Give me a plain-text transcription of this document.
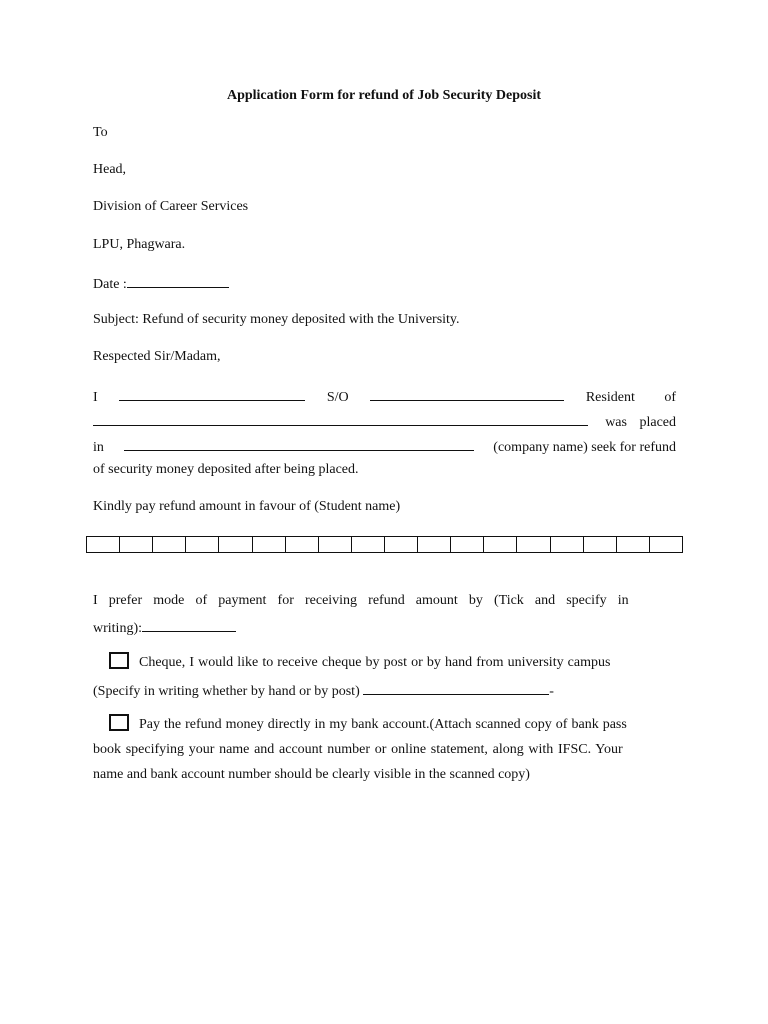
Application Form for refund of Job Security Deposit
To
Head,
Division of Career Services
LPU, Phagwara.
Date :
Subject: Refund of security money deposited with the University.
Respected Sir/Madam,
I	S/O	Resident of
was placed
in	(company name) seek for refund
of security money deposited after being placed.
Kindly pay refund amount in favour of (Student name)
I prefer mode of payment for receiving refund amount by (Tick and specify in
writing):
Cheque, I would like to receive cheque by post or by hand from university campus
(Specify in writing whether by hand or by post)	-
Pay the refund money directly in my bank account.(Attach scanned copy of bank pass
book specifying your name and account number or online statement, along with IFSC. Your
name and bank account number should be clearly visible in the scanned copy)
